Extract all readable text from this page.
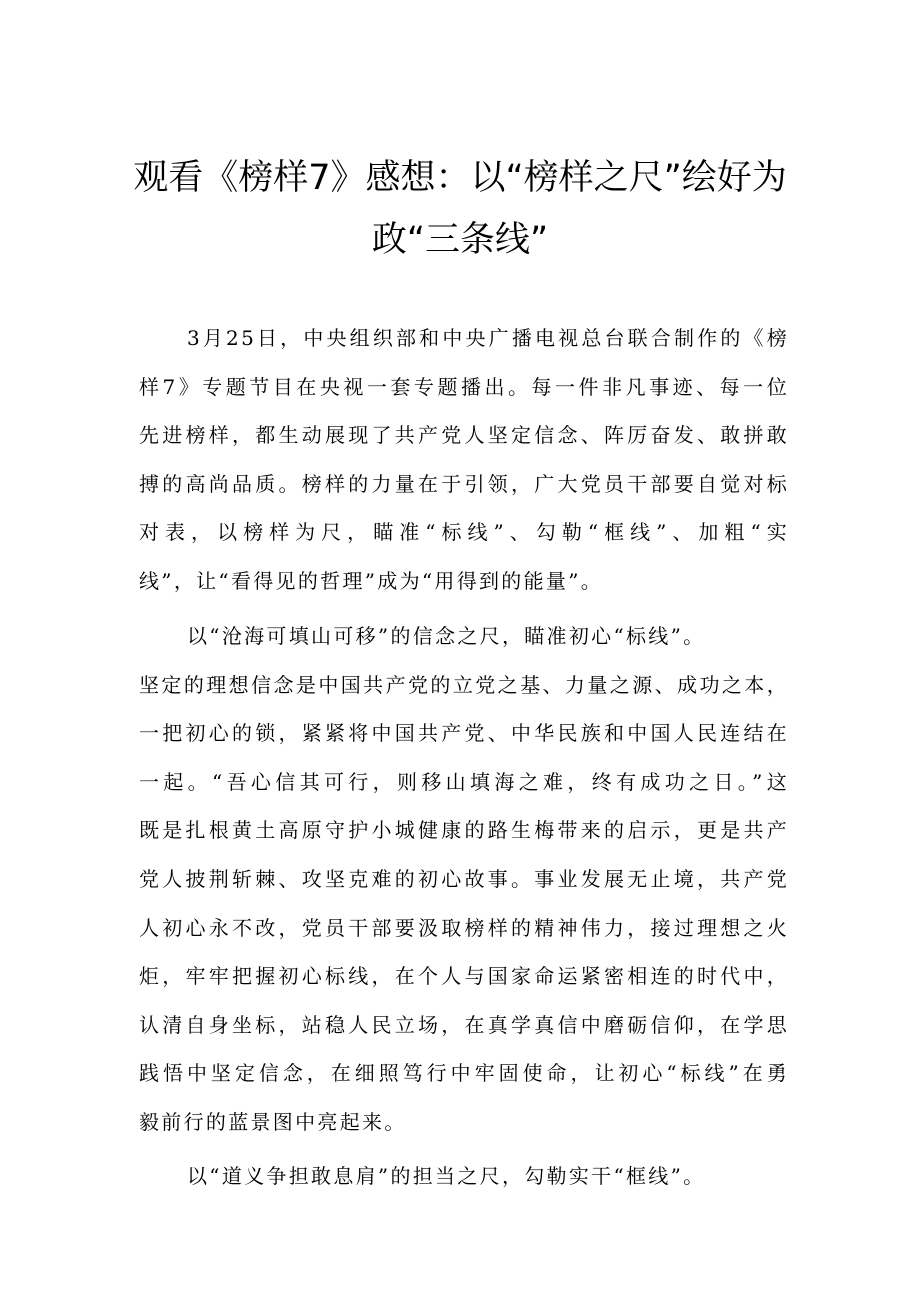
观看《榜样7》感想：以“榜样之尺”绘好为
政“三条线”
3月25日，中央组织部和中央广播电视总台联合制作的《榜
样7》专题节目在央视一套专题播出。每一件非凡事迹、每一位
先进榜样，都生动展现了共产党人坚定信念、阵厉奋发、敢拼敢
搏的高尚品质。榜样的力量在于引领，广大党员干部要自觉对标
对表，以榜样为尺，瞄准“标线”、勾勒“框线”、加粗“实
线”，让“看得见的哲理”成为“用得到的能量”。
以“沧海可填山可移”的信念之尺，瞄准初心“标线”。
坚定的理想信念是中国共产党的立党之基、力量之源、成功之本，
一把初心的锁，紧紧将中国共产党、中华民族和中国人民连结在
一起。“吾心信其可行，则移山填海之难，终有成功之日。”这
既是扎根黄土高原守护小城健康的路生梅带来的启示，更是共产
党人披荆斩棘、攻坚克难的初心故事。事业发展无止境，共产党
人初心永不改，党员干部要汲取榜样的精神伟力，接过理想之火
炬，牢牢把握初心标线，在个人与国家命运紧密相连的时代中，
认清自身坐标，站稳人民立场，在真学真信中磨砺信仰，在学思
践悟中坚定信念，在细照笃行中牢固使命，让初心“标线”在勇
毅前行的蓝景图中亮起来。
以“道义争担敢息肩”的担当之尺，勾勒实干“框线”。
